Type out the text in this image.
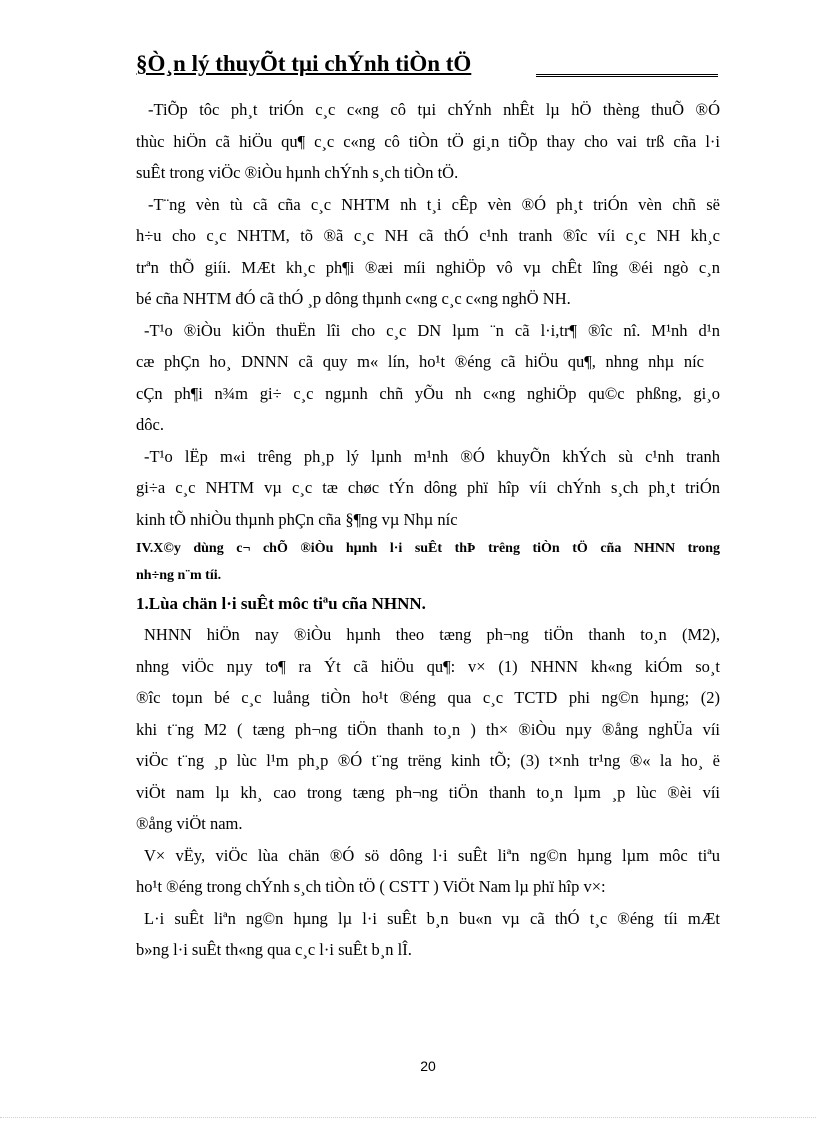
§Ò¸n lý thuyÕt tµi chÝnh tiÒn tÖ
-TiÕp tôc ph¸t triÓn c¸c c«ng cô tµi chÝnh nhÊt lµ hÖ thèng thuÕ ®Ó
thùc hiÖn cã hiÖu qu¶ c¸c c«ng cô tiÒn tÖ gi¸n tiÕp thay cho vai trß cña l·i
suÊt trong viÖc ®iÒu hµnh chÝnh s¸ch tiÒn tÖ.
-T¨ng vèn tù cã cña c¸c NHTM nh t¸i cÊp vèn ®Ó ph¸t triÓn vèn chñ së
h÷u cho c¸c NHTM, tõ ®ã c¸c NH cã thÓ c¹nh tranh ®îc víi c¸c NH kh¸c
trªn thÕ giíi. MÆt kh¸c ph¶i ®æi míi nghiÖp vô vµ chÊt lîng ®éi ngò c¸n
bé cña NHTM đÓ cã thÓ ¸p dông thµnh c«ng c¸c c«ng nghÖ NH.
-T¹o ®iÒu kiÖn thuËn lîi cho c¸c DN lµm ¨n cã l·i,tr¶ ®îc nî. M¹nh d¹n
cæ phÇn ho¸ DNNN cã quy m« lín, ho¹t ®éng cã hiÖu qu¶, nhng nhµ níc
cÇn ph¶i n¾m gi÷ c¸c ngµnh chñ yÕu nh c«ng nghiÖp qu©c phßng, gi¸o
dôc.
-T¹o lËp m«i trêng ph¸p lý lµnh m¹nh ®Ó khuyÕn khÝch sù c¹nh tranh
gi÷a c¸c NHTM vµ c¸c tæ chøc tÝn dông phï hîp víi chÝnh s¸ch ph¸t triÓn
kinh tÕ nhiÒu thµnh phÇn cña §¶ng vµ Nhµ níc
IV.X©y dùng c¬ chÕ ®iÒu hµnh l·i suÊt thÞ trêng tiÒn tÖ cña NHNN trong
nh÷ng n¨m tíi.
1.Lùa chän l·i suÊt môc tiªu cña NHNN.
NHNN hiÖn nay ®iÒu hµnh theo tæng ph¬ng tiÖn thanh to¸n (M2),
nhng viÖc nµy to¶ ra Ýt cã hiÖu qu¶: v× (1) NHNN kh«ng kiÓm so¸t
®îc toµn bé c¸c luång tiÒn ho¹t ®éng qua c¸c TCTD phi ng©n hµng; (2)
khi t¨ng M2 ( tæng ph¬ng tiÖn thanh to¸n ) th× ®iÒu nµy ®ång nghÜa víi
viÖc t¨ng ¸p lùc l¹m ph¸p ®Ó t¨ng trëng kinh tÕ; (3) t×nh tr¹ng ®« la ho¸ ë
viÖt nam lµ kh¸ cao trong tæng ph¬ng tiÖn thanh to¸n lµm ¸p lùc ®èi víi
®ång viÖt nam.
V× vËy, viÖc lùa chän ®Ó sö dông l·i suÊt liªn ng©n hµng lµm môc tiªu
ho¹t ®éng trong chÝnh s¸ch tiÒn tÖ ( CSTT ) ViÖt Nam lµ phï hîp v×:
L·i suÊt liªn ng©n hµng lµ l·i suÊt b¸n bu«n vµ cã thÓ t¸c ®éng tíi mÆt
b»ng l·i suÊt th«ng qua c¸c l·i suÊt b¸n lÎ.
20
